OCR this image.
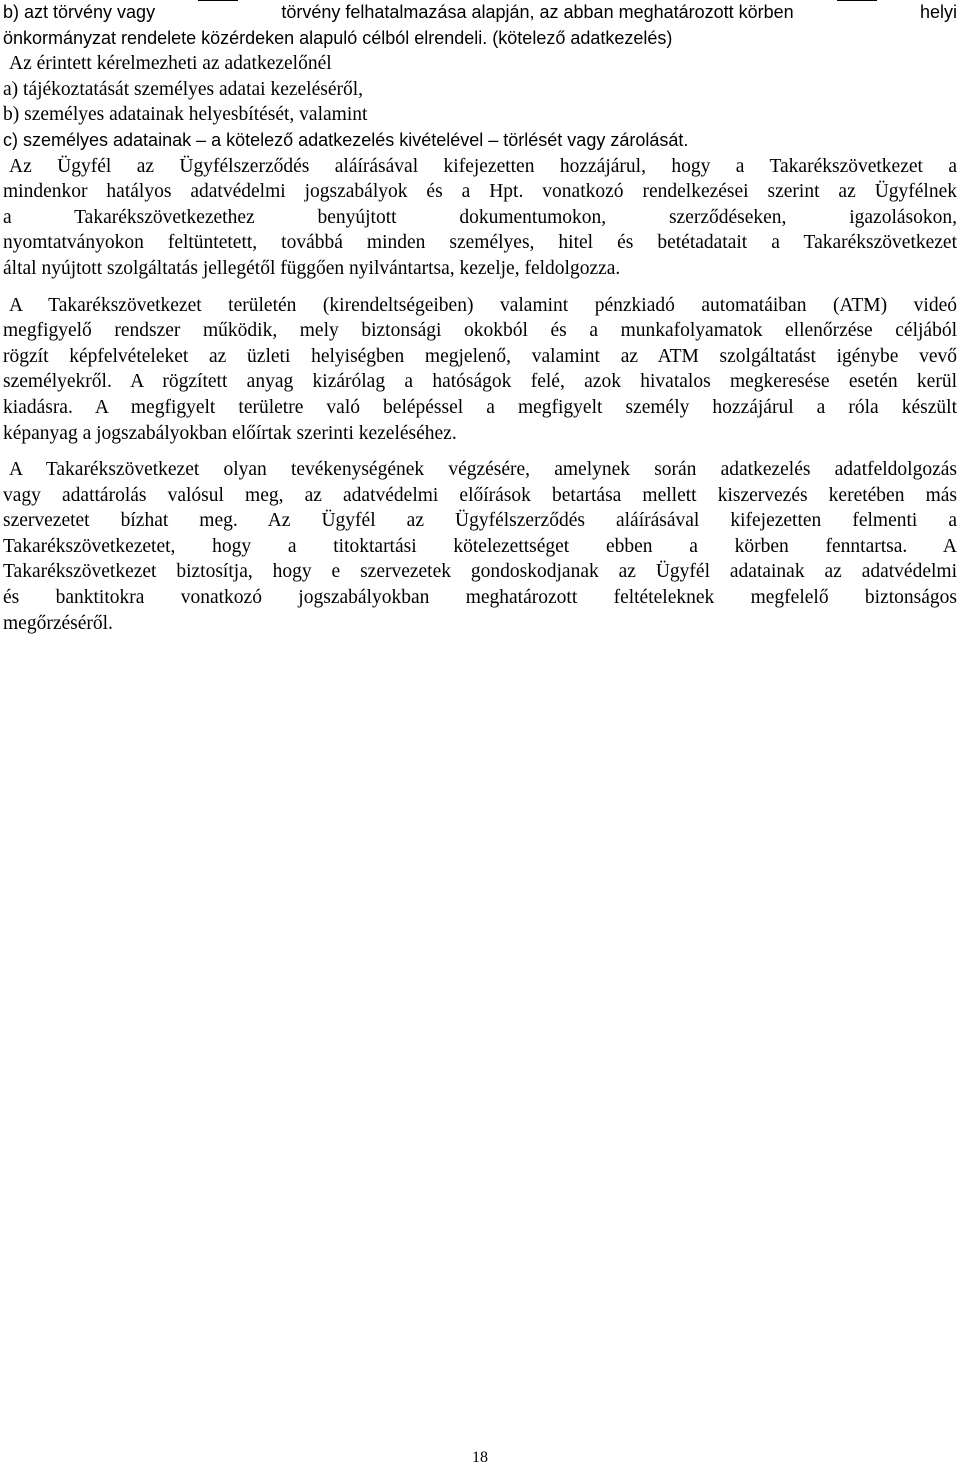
b) azt törvény vagy	törvény felhatalmazása alapján, az abban meghatározott körben	helyi
önkormányzat rendelete közérdeken alapuló célból elrendeli. (kötelező adatkezelés)
Az érintett kérelmezheti az adatkezelőnél
a) tájékoztatását személyes adatai kezeléséről,
b) személyes adatainak helyesbítését, valamint
c) személyes adatainak – a kötelező adatkezelés kivételével – törlését vagy zárolását.
Az Ügyfél az Ügyfélszerződés aláírásával kifejezetten hozzájárul, hogy a Takarékszövetkezet a
mindenkor hatályos adatvédelmi jogszabályok és a Hpt. vonatkozó rendelkezései szerint az Ügyfélnek
a Takarékszövetkezethez benyújtott dokumentumokon, szerződéseken, igazolásokon,
nyomtatványokon feltüntetett, továbbá minden személyes, hitel és betétadatait a Takarékszövetkezet
által nyújtott szolgáltatás jellegétől függően nyilvántartsa, kezelje, feldolgozza.
A Takarékszövetkezet területén (kirendeltségeiben) valamint pénzkiadó automatáiban (ATM) videó
megfigyelő rendszer működik, mely biztonsági okokból és a munkafolyamatok ellenőrzése céljából
rögzít képfelvételeket az üzleti helyiségben megjelenő, valamint az ATM szolgáltatást igénybe vevő
személyekről. A rögzített anyag kizárólag a hatóságok felé, azok hivatalos megkeresése esetén kerül
kiadásra. A megfigyelt területre való belépéssel a megfigyelt személy hozzájárul a róla készült
képanyag a jogszabályokban előírtak szerinti kezeléséhez.
A Takarékszövetkezet olyan tevékenységének végzésére, amelynek során adatkezelés adatfeldolgozás
vagy adattárolás valósul meg, az adatvédelmi előírások betartása mellett kiszervezés keretében más
szervezetet bízhat meg. Az Ügyfél az Ügyfélszerződés aláírásával kifejezetten felmenti a
Takarékszövetkezetet, hogy a titoktartási kötelezettséget ebben a körben fenntartsa. A
Takarékszövetkezet biztosítja, hogy e szervezetek gondoskodjanak az Ügyfél adatainak az adatvédelmi
és banktitokra vonatkozó jogszabályokban meghatározott feltételeknek megfelelő biztonságos
megőrzéséről.
18
